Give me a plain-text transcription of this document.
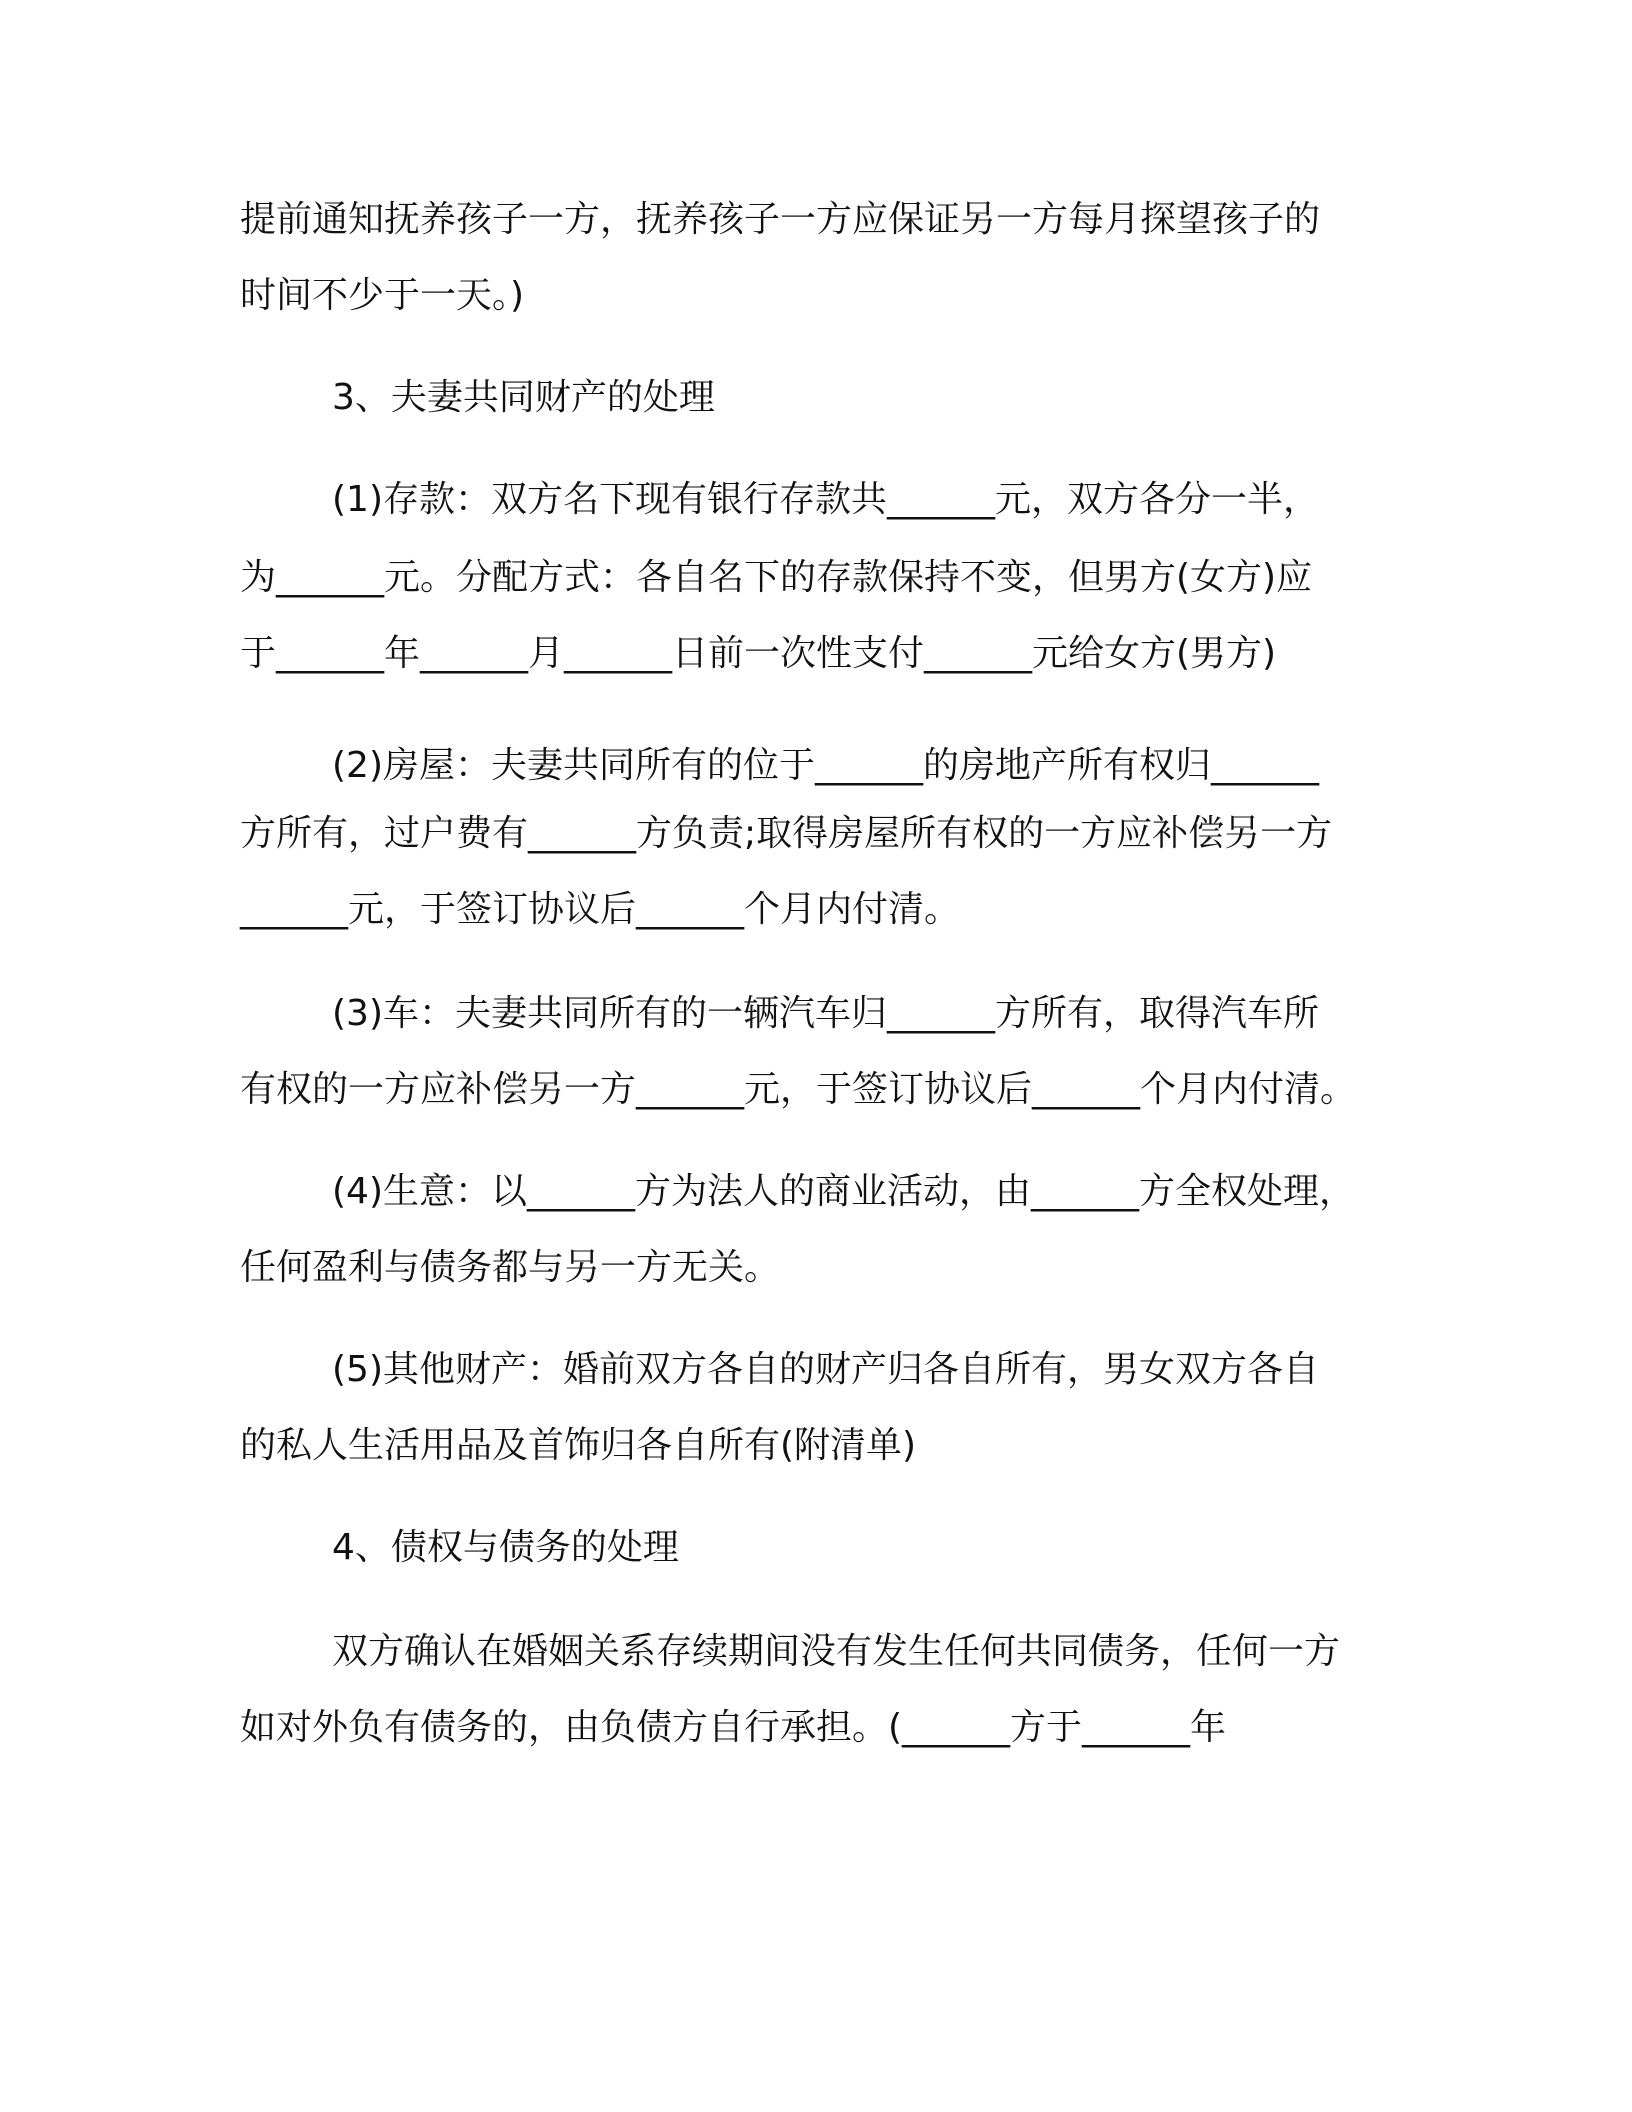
提前通知抚养孩子一方，抚养孩子一方应保证另一方每月探望孩子的
时间不少于一天。)
3、夫妻共同财产的处理
(1)存款：双方名下现有银行存款共______元，双方各分一半，
为______元。分配方式：各自名下的存款保持不变，但男方(女方)应
于______年______月______日前一次性支付______元给女方(男方)
(2)房屋：夫妻共同所有的位于______的房地产所有权归______
方所有，过户费有______方负责;取得房屋所有权的一方应补偿另一方
______元，于签订协议后______个月内付清。
(3)车：夫妻共同所有的一辆汽车归______方所有，取得汽车所
有权的一方应补偿另一方______元，于签订协议后______个月内付清。
(4)生意：以______方为法人的商业活动，由______方全权处理，
任何盈利与债务都与另一方无关。
(5)其他财产：婚前双方各自的财产归各自所有，男女双方各自
的私人生活用品及首饰归各自所有(附清单)
4、债权与债务的处理
双方确认在婚姻关系存续期间没有发生任何共同债务，任何一方
如对外负有债务的，由负债方自行承担。(______方于______年
